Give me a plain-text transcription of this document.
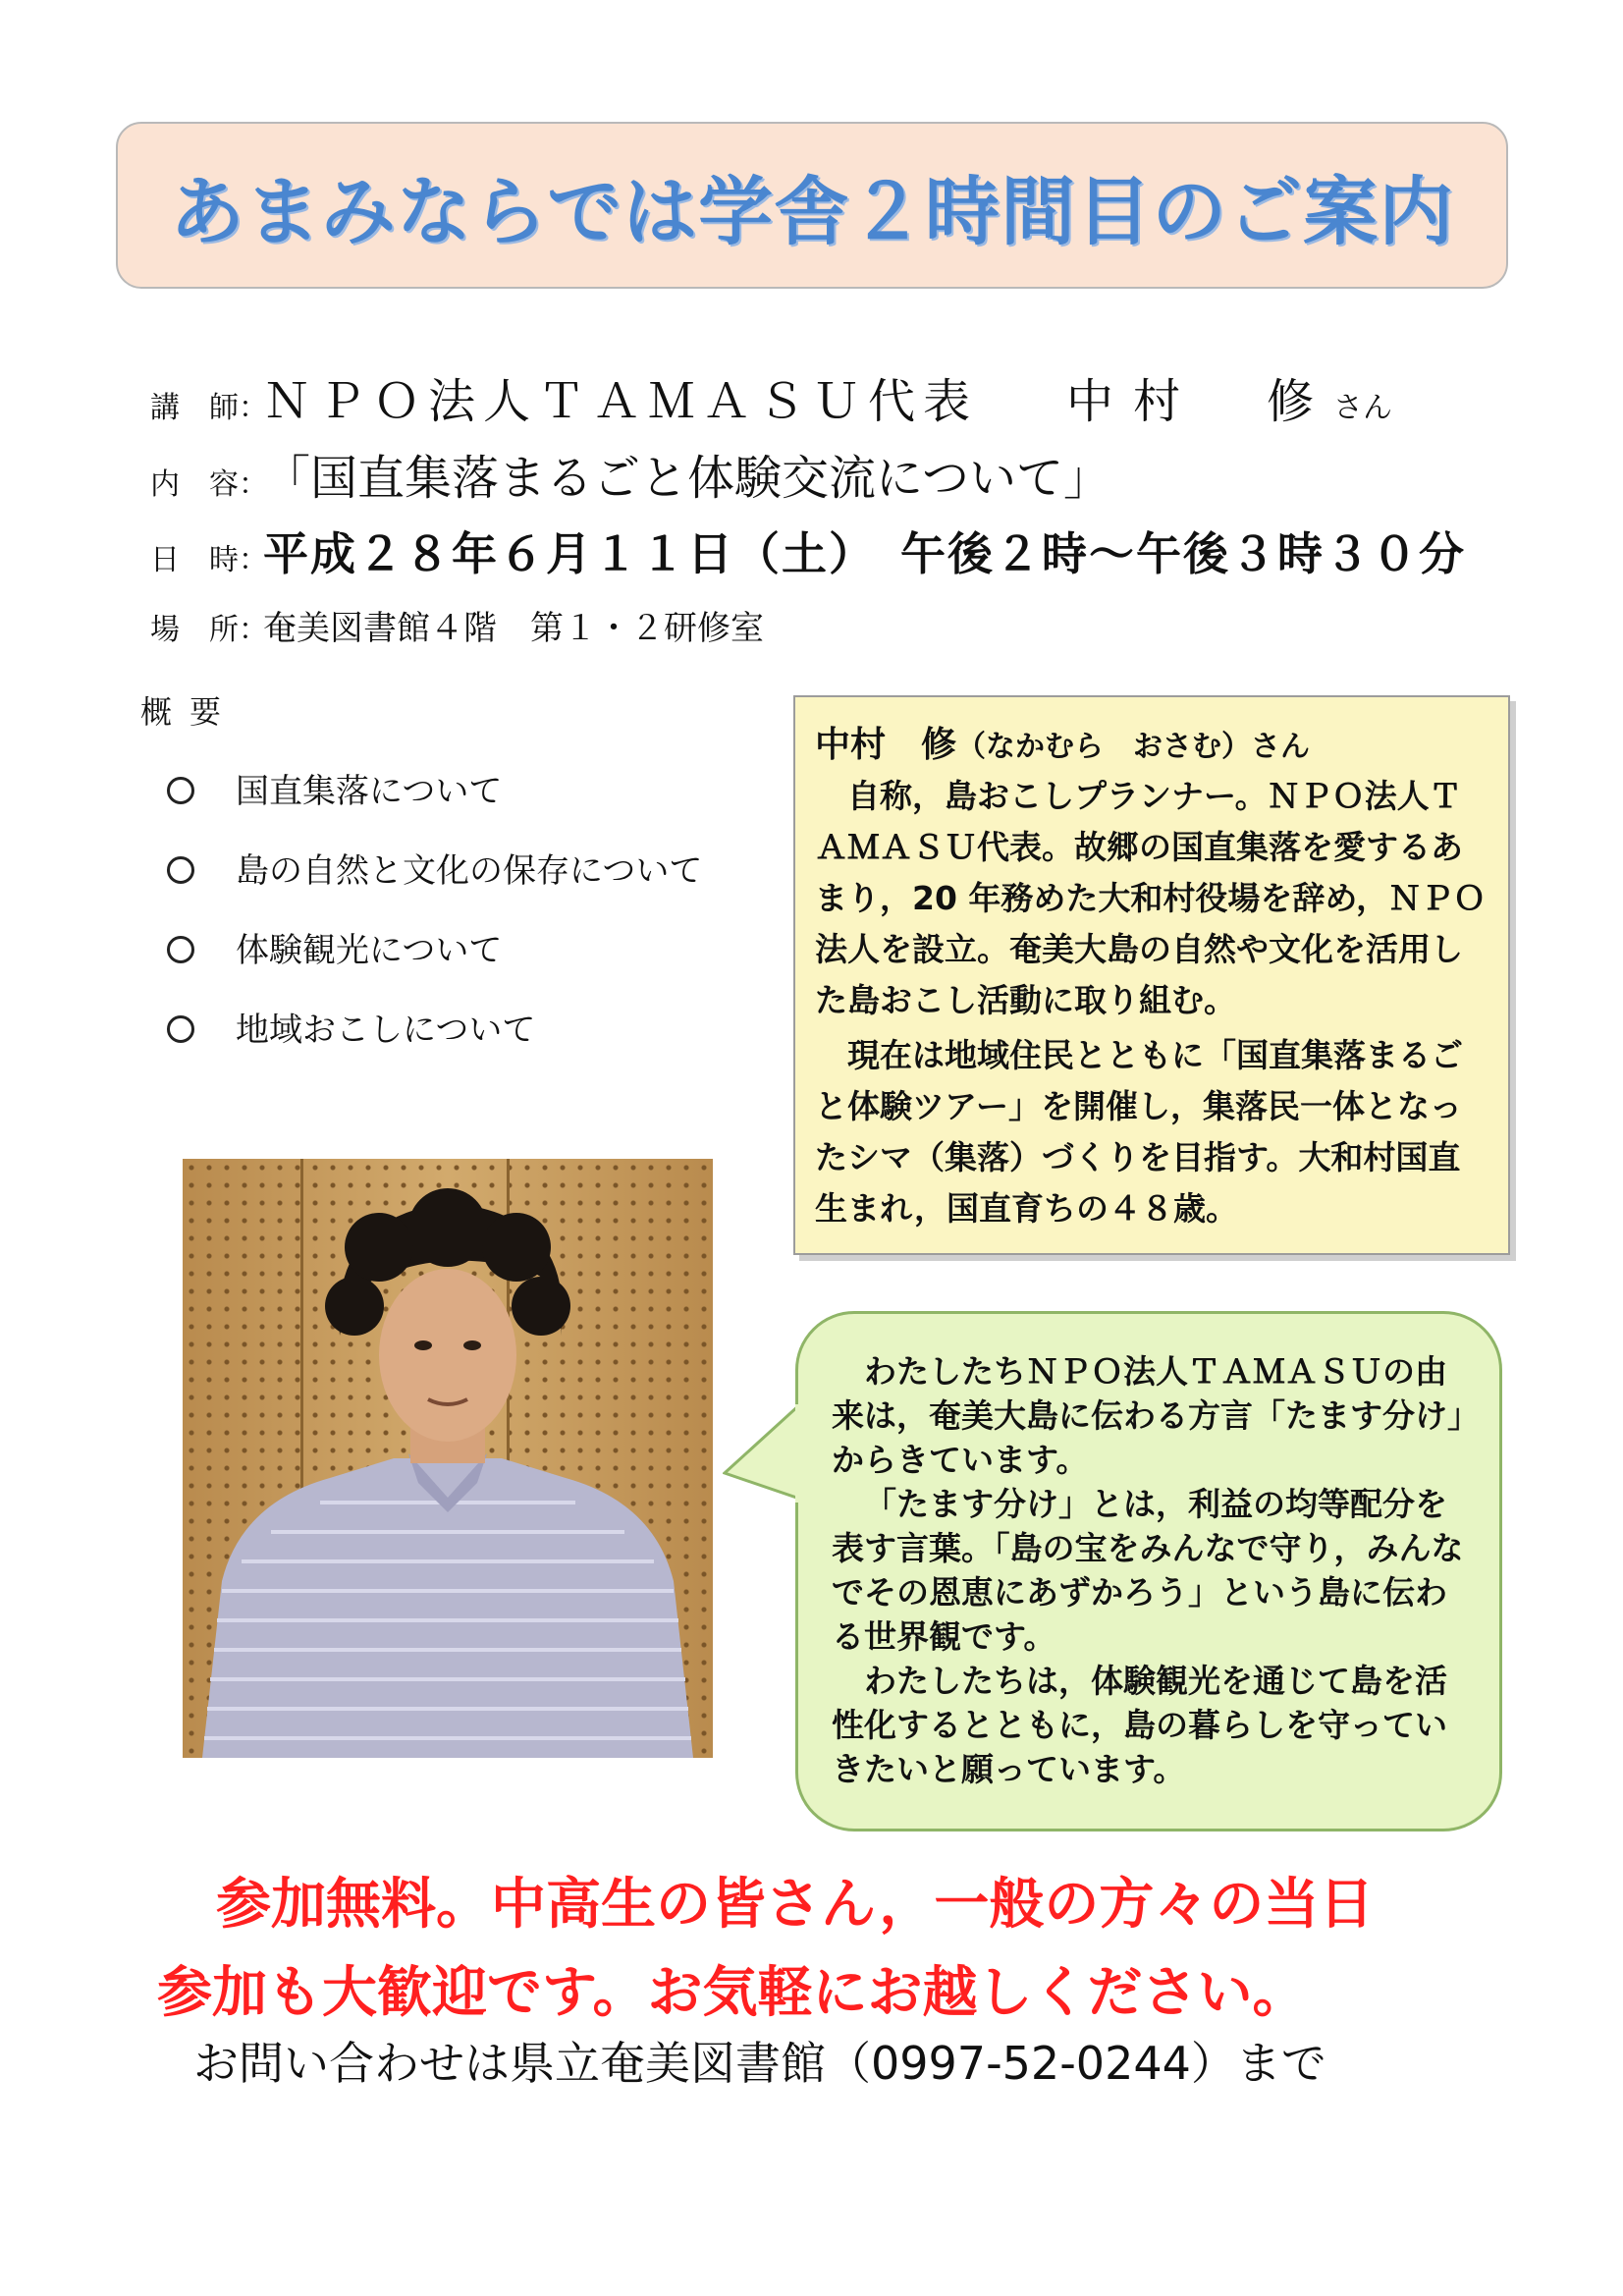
あまみならでは学舎２時間目のご案内
講　師：ＮＰＯ法人ＴＡＭＡＳＵ代表 中村　修さん
内　容：「国直集落まるごと体験交流について」
日　時：平成２８年６月１１日（土）　午後２時～午後３時３０分
場　所：奄美図書館４階　第１・２研修室
概要
国直集落について
島の自然と文化の保存について
体験観光について
地域おこしについて
中村　修（なかむら　おさむ）さん

自称，島おこしプランナー。ＮＰＯ法人ＴＡＭＡＳＵ代表。故郷の国直集落を愛するあまり，20 年務めた大和村役場を辞め，ＮＰＯ法人を設立。奄美大島の自然や文化を活用した島おこし活動に取り組む。

現在は地域住民とともに「国直集落まるごと体験ツアー」を開催し，集落民一体となったシマ（集落）づくりを目指す。大和村国直生まれ，国直育ちの４８歳。

わたしたちＮＰＯ法人ＴＡＭＡＳＵの由来は，奄美大島に伝わる方言「たます分け」からきています。

「たます分け」とは，利益の均等配分を表す言葉。「島の宝をみんなで守り，みんなでその恩恵にあずかろう」という島に伝わる世界観です。

わたしたちは，体験観光を通じて島を活性化するとともに，島の暮らしを守っていきたいと願っています。

参加無料。中高生の皆さん，一般の方々の当日
参加も大歓迎です。お気軽にお越しください。
お問い合わせは県立奄美図書館（0997-52-0244）まで
